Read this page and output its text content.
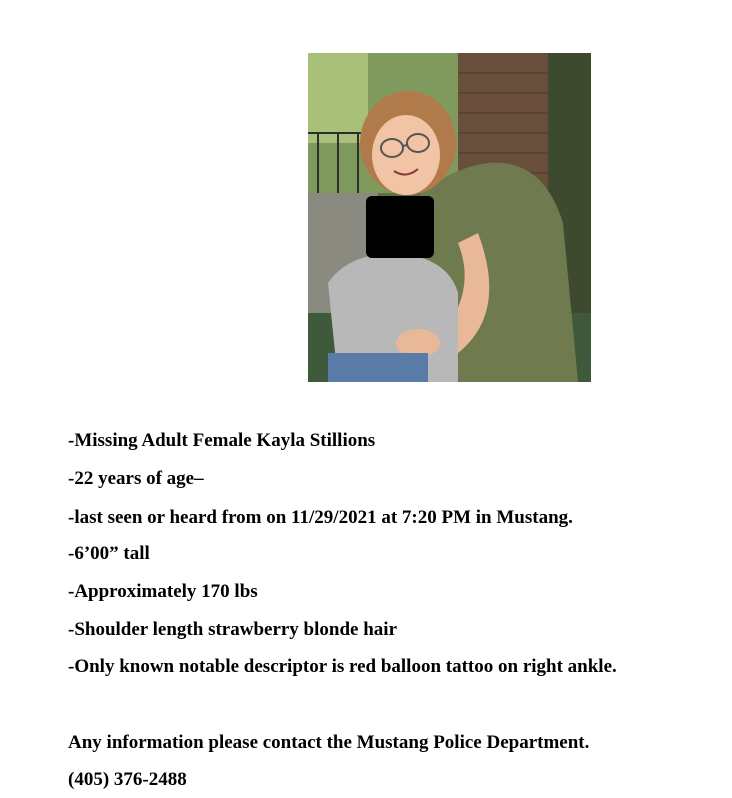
-Missing Adult Female Kayla Stillions
-22 years of age–
-last seen or heard from on 11/29/2021 at 7:20 PM in Mustang.
-6’00” tall
-Approximately 170 lbs
-Shoulder length strawberry blonde hair
-Only known notable descriptor is red balloon tattoo on right ankle.
Any information please contact the Mustang Police Department.
(405) 376-2488
